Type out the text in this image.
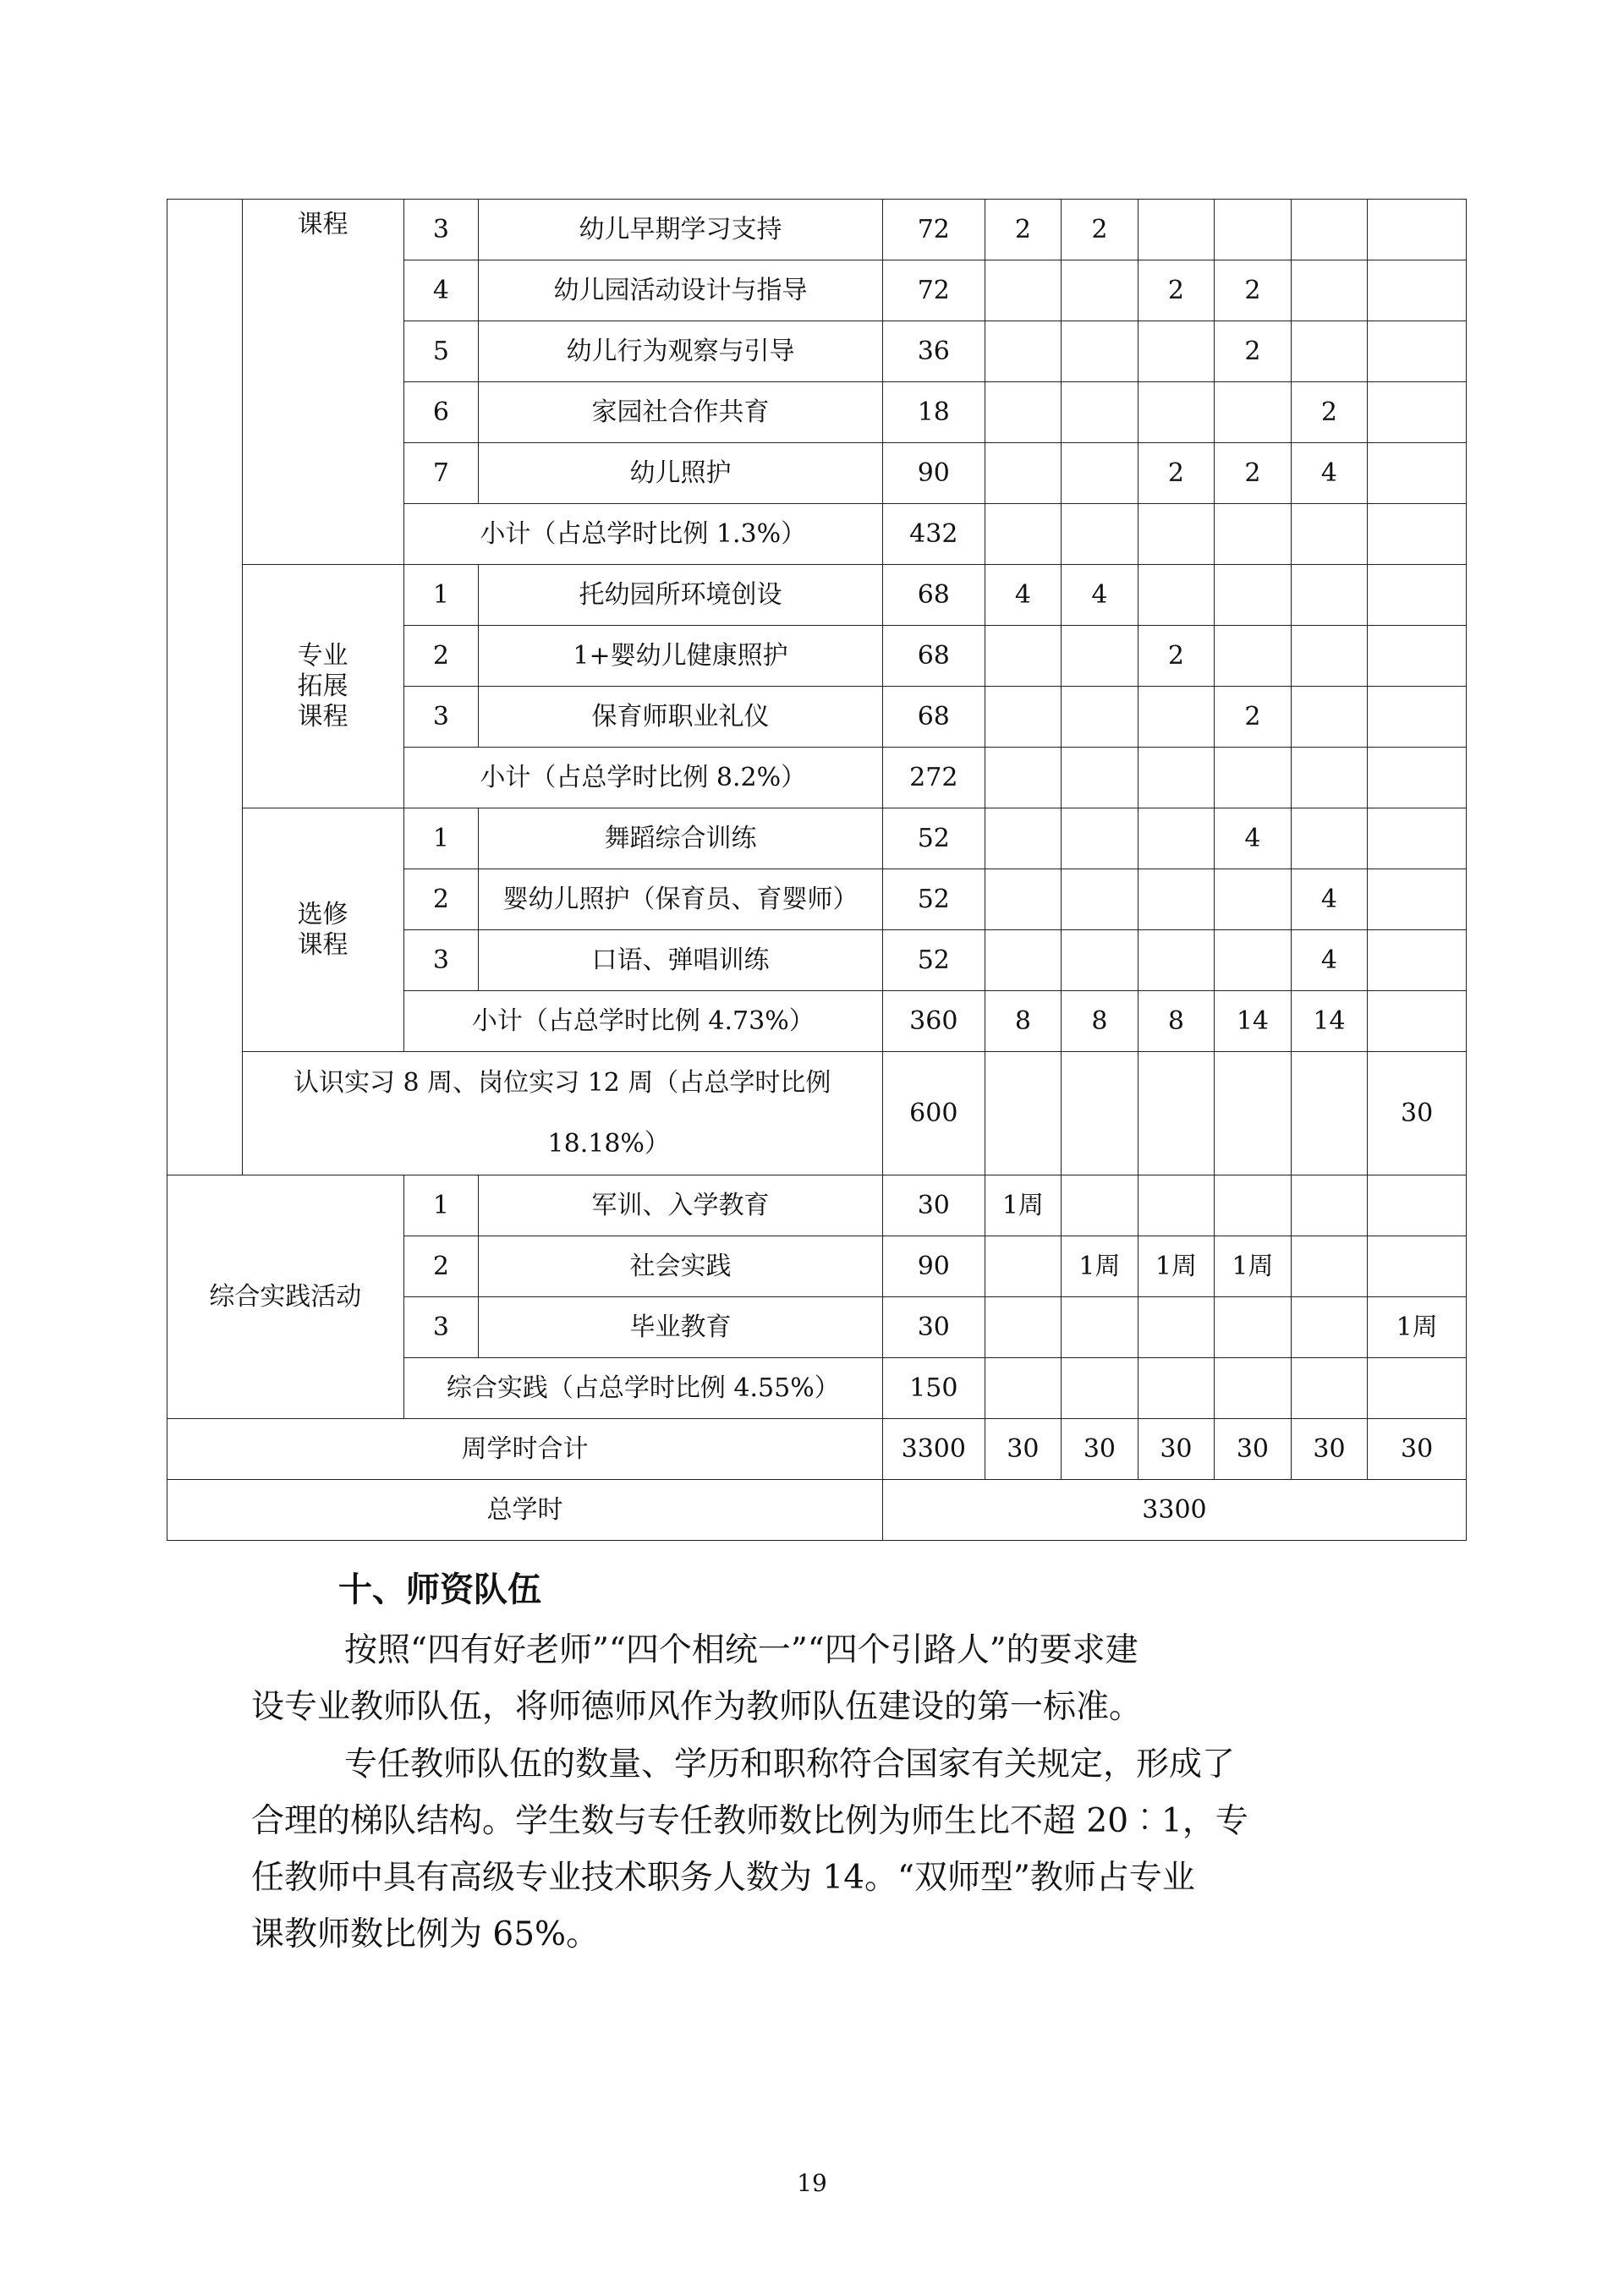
	课程	3	幼儿早期学习支持	72	2	2				
		4	幼儿园活动设计与指导	72			2	2		
		5	幼儿行为观察与引导	36				2		
		6	家园社合作共育	18					2	
		7	幼儿照护	90			2	2	4	
		小计（占总学时比例 1.3%）		432						

	专业
拓展
课程	1	托幼园所环境创设	68	4	4				
		2	1+婴幼儿健康照护	68			2			
		3	保育师职业礼仪	68				2		
		小计（占总学时比例 8.2%）		272						

	选修
课程	1	舞蹈综合训练	52				4		
		2	婴幼儿照护（保育员、育婴师）	52					4	
		3	口语、弹唱训练	52					4	
		小计（占总学时比例 4.73%）		360	8	8	8	14	14	

	认识实习 8 周、岗位实习 12 周（占总学时比例
18.18%）			600						30
综合实践活动		1	军训、入学教育	30	1周					
		2	社会实践	90		1周	1周	1周		
		3	毕业教育	30						1周
		综合实践（占总学时比例 4.55%）		150						
周学时合计				3300	30	30	30	30	30	30
总学时				3300						
十、师资队伍
按照“四有好老师”“四个相统一”“四个引路人”的要求建
设专业教师队伍，将师德师风作为教师队伍建设的第一标准。
专任教师队伍的数量、学历和职称符合国家有关规定，形成了
合理的梯队结构。学生数与专任教师数比例为师生比不超 20︰1，专
任教师中具有高级专业技术职务人数为 14。“双师型”教师占专业
课教师数比例为 65%。
19
